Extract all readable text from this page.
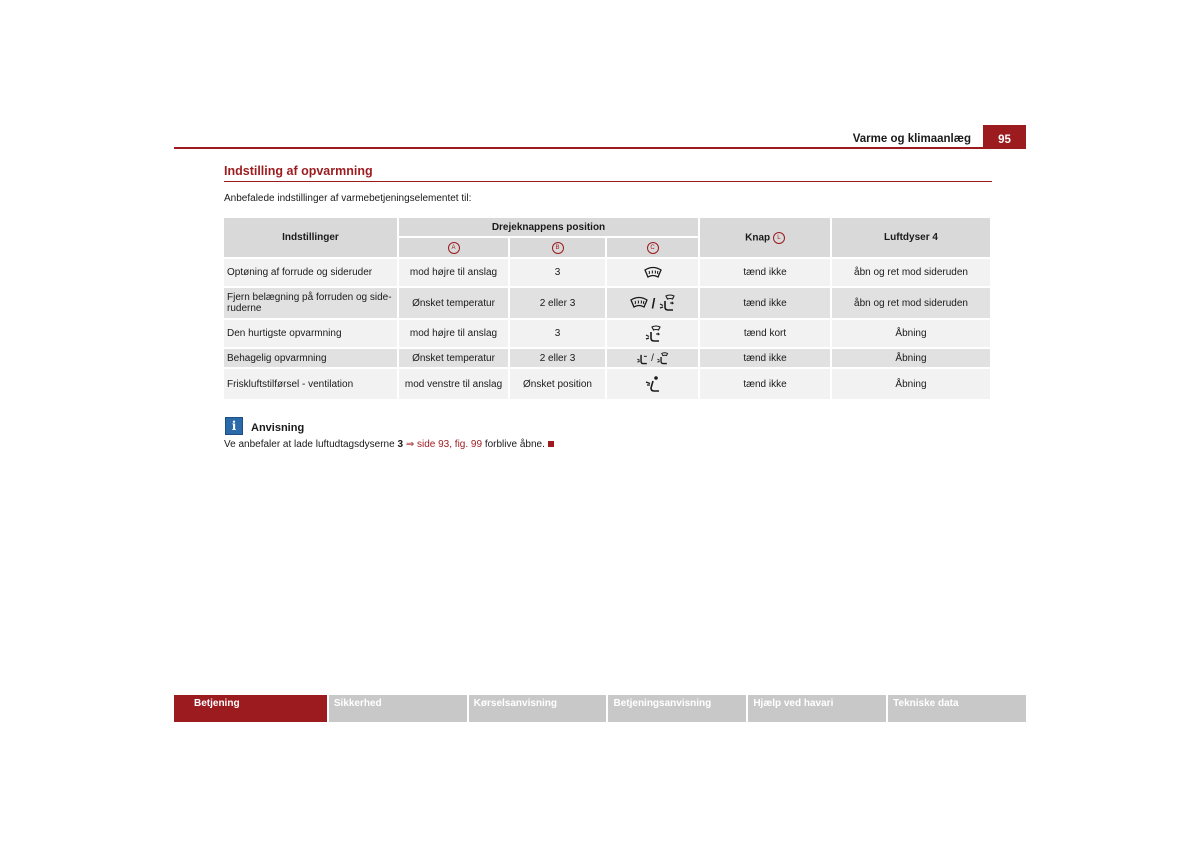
Varme og klimaanlæg	95
Indstilling af opvarmning
Anbefalede indstillinger af varmebetjeningselementet til:
Indstillinger	Drejeknappens position			Knap L	Luftdyser 4
	A	B	C		
Optøning af forrude og sideruder	mod højre til anslag	3		tænd ikke	åbn og ret mod sideruden
Fjern belægning på forruden og side-ruderne	Ønsket temperatur	2 eller 3	/	tænd ikke	åbn og ret mod sideruden
Den hurtigste opvarmning	mod højre til anslag	3		tænd kort	Åbning
Behagelig opvarmning	Ønsket temperatur	2 eller 3	/	tænd ikke	Åbning
Friskluftstilførsel - ventilation	mod venstre til anslag	Ønsket position		tænd ikke	Åbning
i	Anvisning
Ve anbefaler at lade luftudtagsdyserne 3 ⇒ side 93, fig. 99 forblive åbne.
Betjening	Sikkerhed	Kørselsanvisning	Betjeningsanvisning	Hjælp ved havari	Tekniske data
